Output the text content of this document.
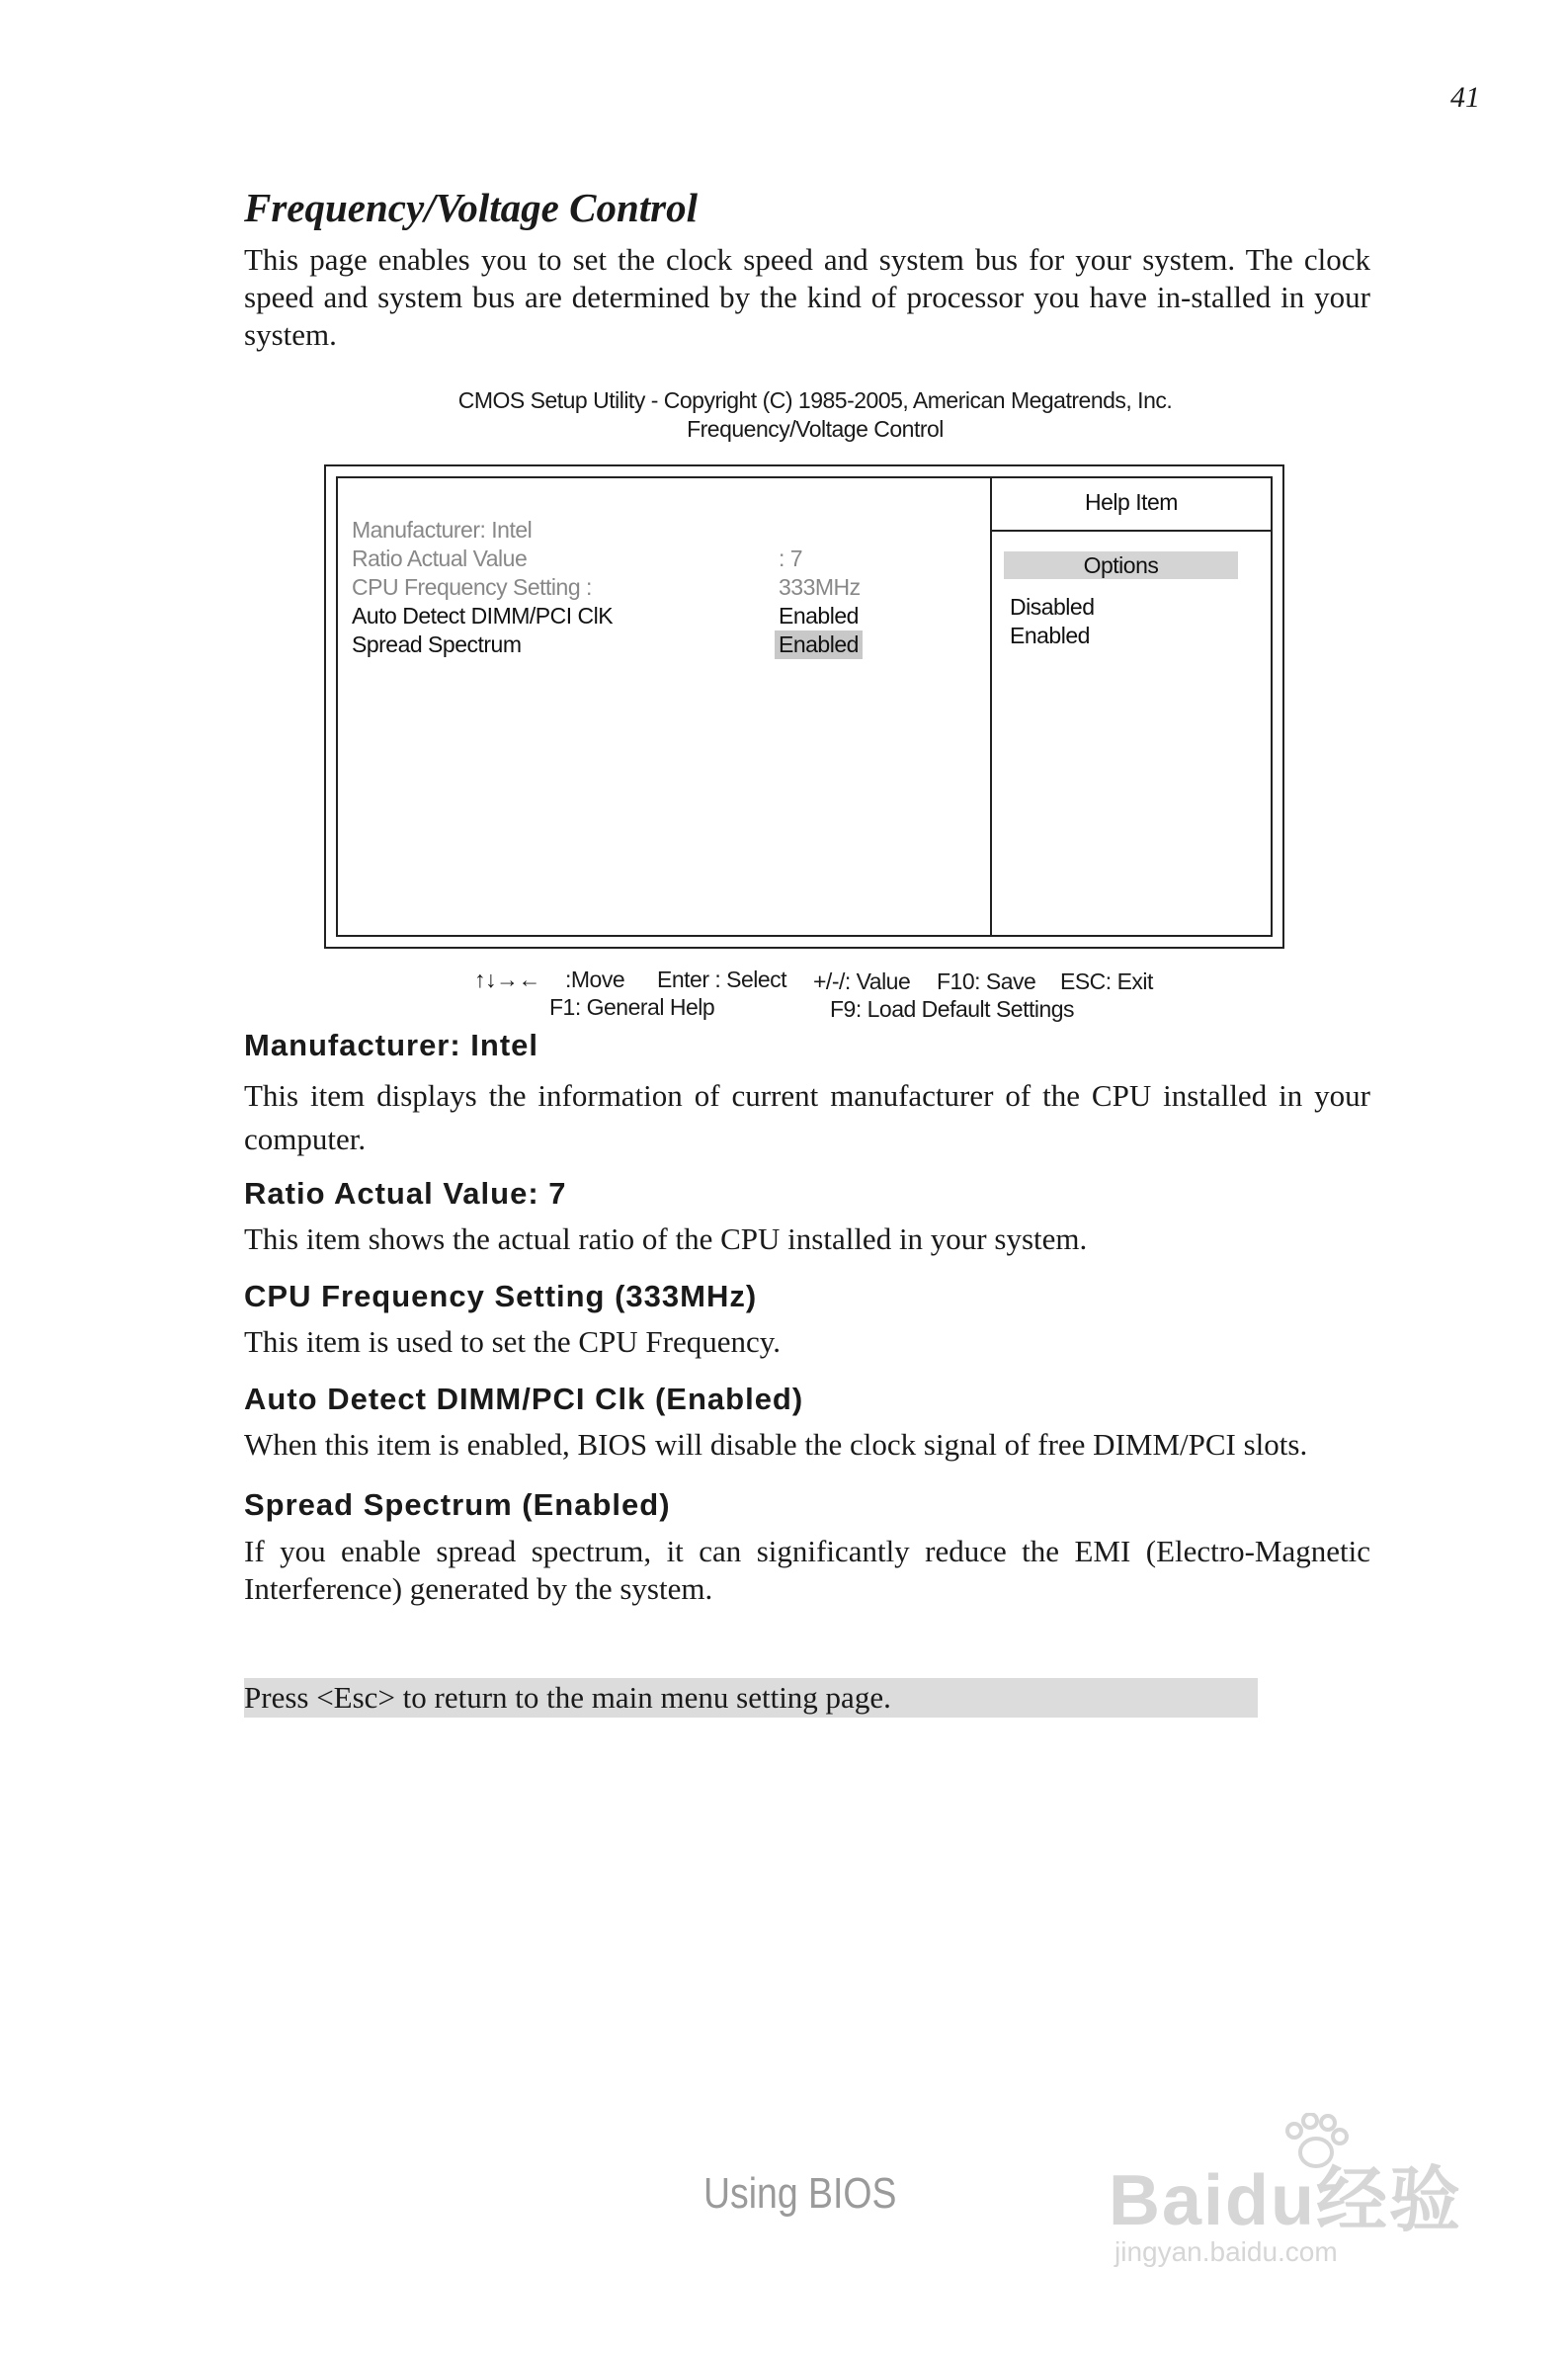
41
Frequency/Voltage Control
This page enables you to set the clock speed and system bus for your system. The clock speed and system bus are determined by the kind of processor you have in-stalled in your system.
CMOS Setup Utility - Copyright (C) 1985-2005, American Megatrends, Inc.
Frequency/Voltage Control
Manufacturer: Intel
Ratio Actual Value	: 7
CPU Frequency Setting :	333MHz
Auto Detect DIMM/PCI ClK	Enabled
Spread Spectrum	Enabled
Help Item
Options
Disabled
Enabled
↑↓→← :Move Enter : Select +/-/: Value F10: Save ESC: Exit
F1: General Help	F9: Load Default Settings
Manufacturer: Intel
This item displays the information of current manufacturer of the CPU installed in your computer.
Ratio Actual Value: 7
This item shows the actual ratio of the CPU installed in your system.
CPU Frequency Setting (333MHz)
This item is used to set the CPU Frequency.
Auto Detect DIMM/PCI Clk (Enabled)
When this item is enabled, BIOS will disable the clock signal of free DIMM/PCI slots.
Spread Spectrum (Enabled)
If you enable spread spectrum, it can significantly reduce the EMI (Electro-Magnetic Interference) generated by the system.
Press <Esc> to return to the main menu setting page.
Using BIOS	Baidu经验
jingyan.baidu.com
